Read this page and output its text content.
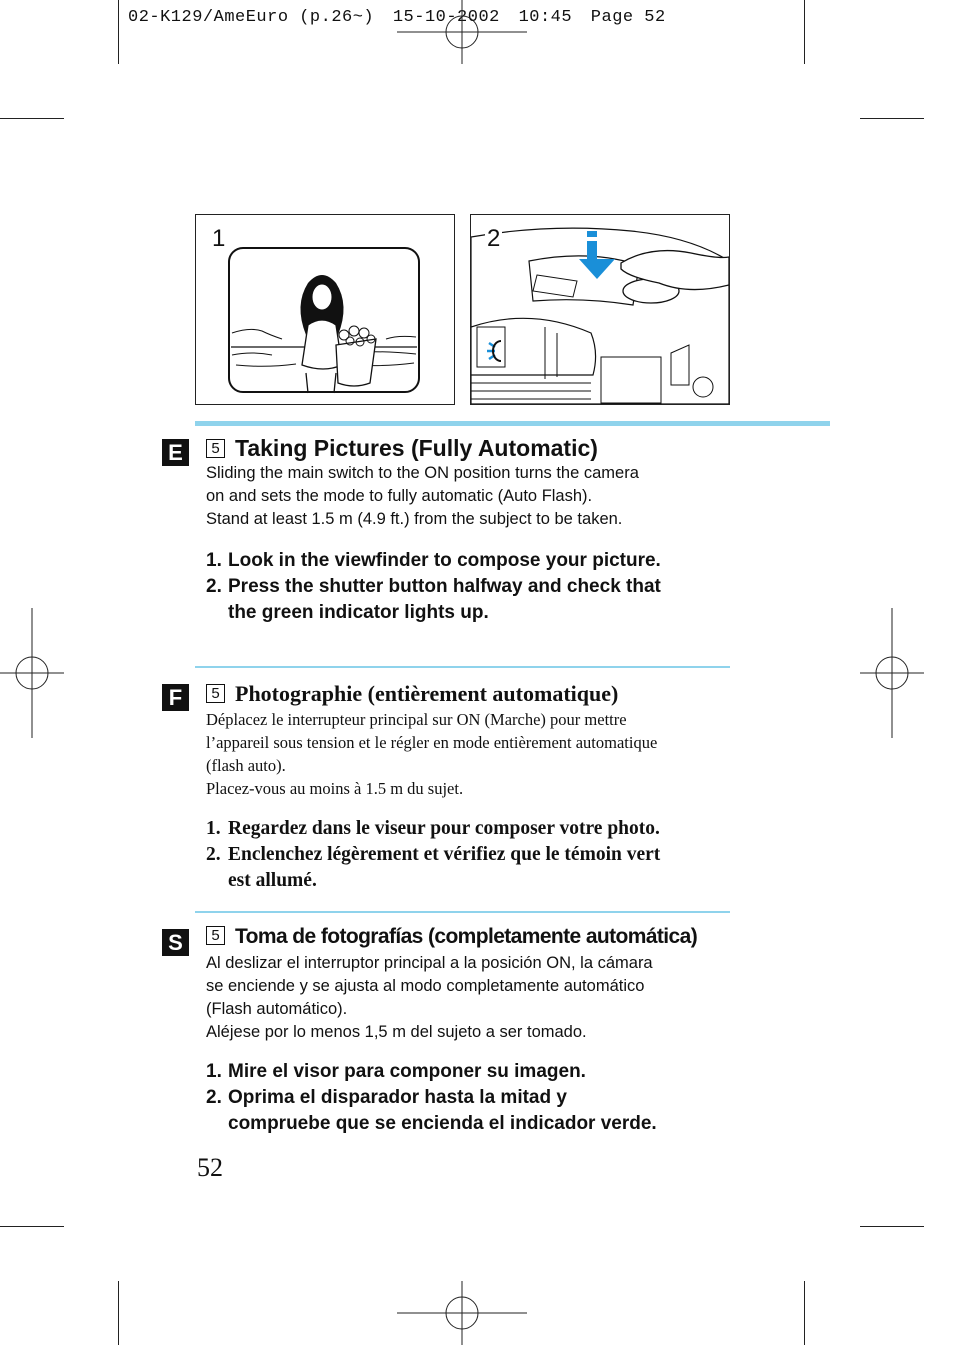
02-K129/AmeEuro (p.26~) 15-10-2002 10:45 Page 52
1	2
E	5 Taking Pictures (Fully Automatic)
Sliding the main switch to the ON position turns the camera
on and sets the mode to fully automatic (Auto Flash).
Stand at least 1.5 m (4.9 ft.) from the subject to be taken.
1. Look in the viewfinder to compose your picture.
2. Press the shutter button halfway and check that
the green indicator lights up.
F	5 Photographie (entièrement automatique)
Déplacez le interrupteur principal sur ON (Marche) pour mettre
l’appareil sous tension et le régler en mode entièrement automatique
(flash auto).
Placez-vous au moins à 1.5 m du sujet.
1. Regardez dans le viseur pour composer votre photo.
2. Enclenchez légèrement et vérifiez que le témoin vert
est allumé.
S	5 Toma de fotografías (completamente automática)
Al deslizar el interruptor principal a la posición ON, la cámara
se enciende y se ajusta al modo completamente automático
(Flash automático).
Aléjese por lo menos 1,5 m del sujeto a ser tomado.
1. Mire el visor para componer su imagen.
2. Oprima el disparador hasta la mitad y
compruebe que se encienda el indicador verde.
52
